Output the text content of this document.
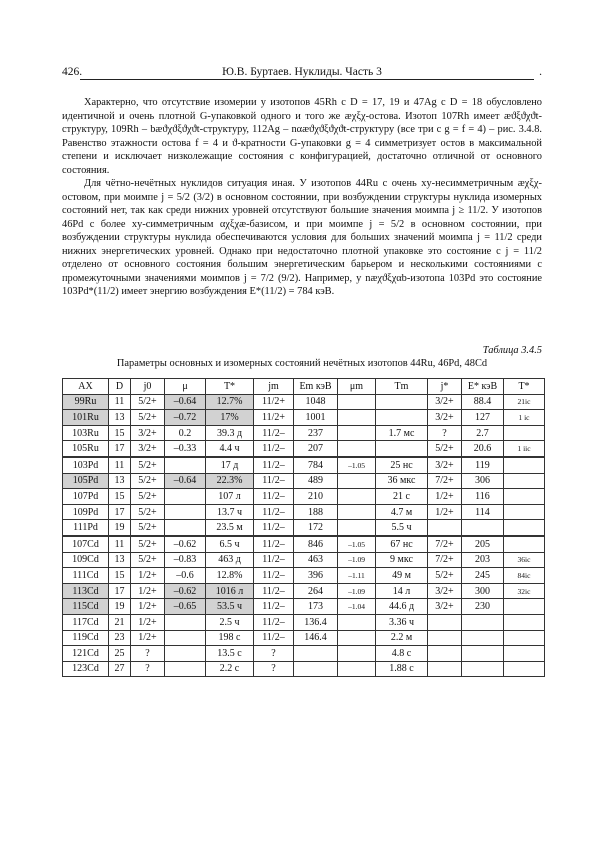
426.	Ю.В. Буртаев. Нуклиды. Часть 3	.

Характерно, что отсутствие изомерии у изотопов 45Rh с D = 17, 19 и 47Ag с D = 18 обусловлено идентичной и очень плотной G-упаковкой одного и того же æχξχ-остова. Изотоп 107Rh имеет æϑξϑχϑt-структуру, 109Rh – bæϑχϑξϑχϑt-структуру, 112Ag – nαæϑχϑξϑχϑt-структуру (все три с g = f = 4) – рис. 3.4.8. Равенство этажности остова f = 4 и ϑ-кратности G-упаковки g = 4 симметризует остов в максимальной степени и исключает низколежащие состояния с конфигурацией, достаточно отличной от основного состояния.

Для чётно-нечётных нуклидов ситуация иная. У изотопов 44Ru с очень xy-несимметричным æχξχ-остовом, при моимпе j = 5/2 (3/2) в основном состоянии, при возбуждении структуры нуклида изомерных состояний нет, так как среди нижних уровней отсутствуют большие значения моимпа j ≥ 11/2. У изотопов 46Pd с более xy-симметричным αχξχæ-базисом, и при моимпе j = 5/2 в основном состоянии, при возбуждении структуры нуклида обеспечиваются условия для больших значений моимпа j = 11/2 среди нижних энергетических уровней. Однако при недостаточно плотной упаковке это состояние с j = 11/2 отделено от основного состояния большим энергетическим барьером и несколькими состояниями с промежуточными значениями моимпов j = 7/2 (9/2). Например, у næχϑξχαb-изотопа 103Pd это состояние 103Pd*(11/2) имеет энергию возбуждения E*(11/2) = 784 кэВ.

Таблица 3.4.5
Параметры основных и изомерных состояний нечётных изотопов 44Ru, 46Pd, 48Cd
AX	D	j0	μ	T*	jm	Em кэВ	μm	Tm	j*	E* кэВ	T*
99Ru	11	5/2+	–0.64	12.7%	11/2+	1048			3/2+	88.4	21ic
101Ru	13	5/2+	–0.72	17%	11/2+	1001			3/2+	127	1 ic
103Ru	15	3/2+	0.2	39.3 д	11/2–	237		1.7 мс	?	2.7	
105Ru	17	3/2+	–0.33	4.4 ч	11/2–	207			5/2+	20.6	1 iic
103Pd	11	5/2+		17 д	11/2–	784	–1.05	25 нс	3/2+	119	
105Pd	13	5/2+	–0.64	22.3%	11/2–	489		36 мкс	7/2+	306	
107Pd	15	5/2+		107 л	11/2–	210		21 с	1/2+	116	
109Pd	17	5/2+		13.7 ч	11/2–	188		4.7 м	1/2+	114	
111Pd	19	5/2+		23.5 м	11/2–	172		5.5 ч			
107Cd	11	5/2+	–0.62	6.5 ч	11/2–	846	–1.05	67 нс	7/2+	205	
109Cd	13	5/2+	–0.83	463 д	11/2–	463	–1.09	9 мкс	7/2+	203	36ic
111Cd	15	1/2+	–0.6	12.8%	11/2–	396	–1.11	49 м	5/2+	245	84ic
113Cd	17	1/2+	–0.62	1016 л	11/2–	264	–1.09	14 л	3/2+	300	32ic
115Cd	19	1/2+	–0.65	53.5 ч	11/2–	173	–1.04	44.6 д	3/2+	230	
117Cd	21	1/2+		2.5 ч	11/2–	136.4		3.36 ч			
119Cd	23	1/2+		198 с	11/2–	146.4		2.2 м			
121Cd	25	?		13.5 с	?			4.8 с			
123Cd	27	?		2.2 с	?			1.88 с			
